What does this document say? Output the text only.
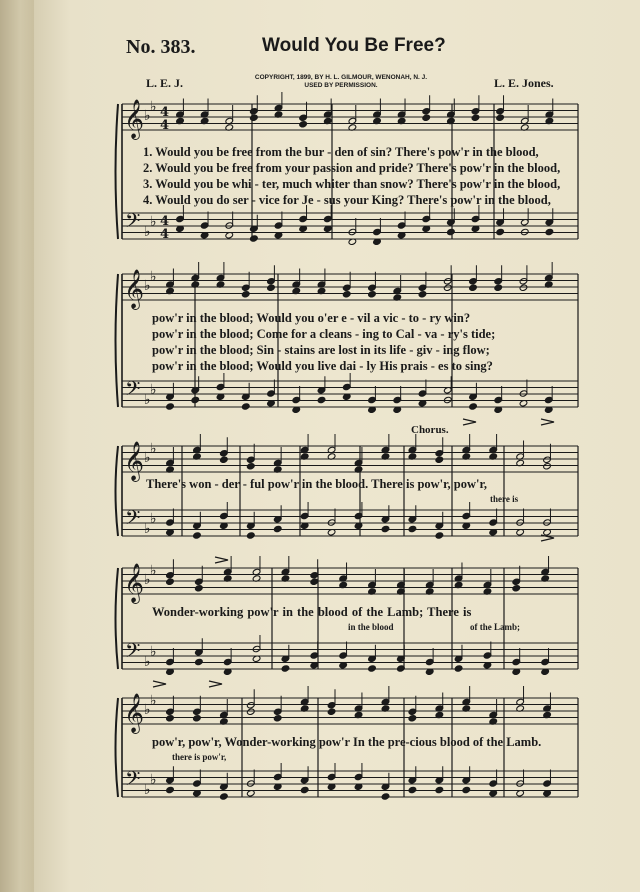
No. 383.	Would You Be Free?
L. E. J.	COPYRIGHT, 1899, BY H. L. GILMOUR, WENONAH, N. J.
USED BY PERMISSION.	L. E. Jones.
𝄞
𝄢
♭
♭
♭
♭
4
4
4
4
𝄞
𝄢
♭
♭
♭
♭
𝄞
𝄢
♭
♭
♭
♭
𝄞
𝄢
♭
♭
♭
♭
𝄞
𝄢
♭
♭
♭
♭
1. Would you be free from the bur - den of sin? There's pow'r in the blood,
2. Would you be free from your passion and pride? There's pow'r in the blood,
3. Would you be whi - ter, much whiter than snow? There's pow'r in the blood,
4. Would you do ser - vice for Je - sus your King? There's pow'r in the blood,
pow'r in the blood; Would you o'er e - vil a vic - to - ry win?
pow'r in the blood; Come for a cleans - ing to Cal - va - ry's tide;
pow'r in the blood; Sin - stains are lost in its life - giv - ing flow;
pow'r in the blood; Would you live dai - ly His prais - es to sing?
Chorus.
There's won - der - ful pow'r in the blood. There is pow'r, pow'r,
there is
Wonder-working pow'r in the blood of the Lamb; There is
in the blood	of the Lamb;
pow'r, pow'r, Wonder-working pow'r In the pre-cious blood of the Lamb.
there is pow'r,
